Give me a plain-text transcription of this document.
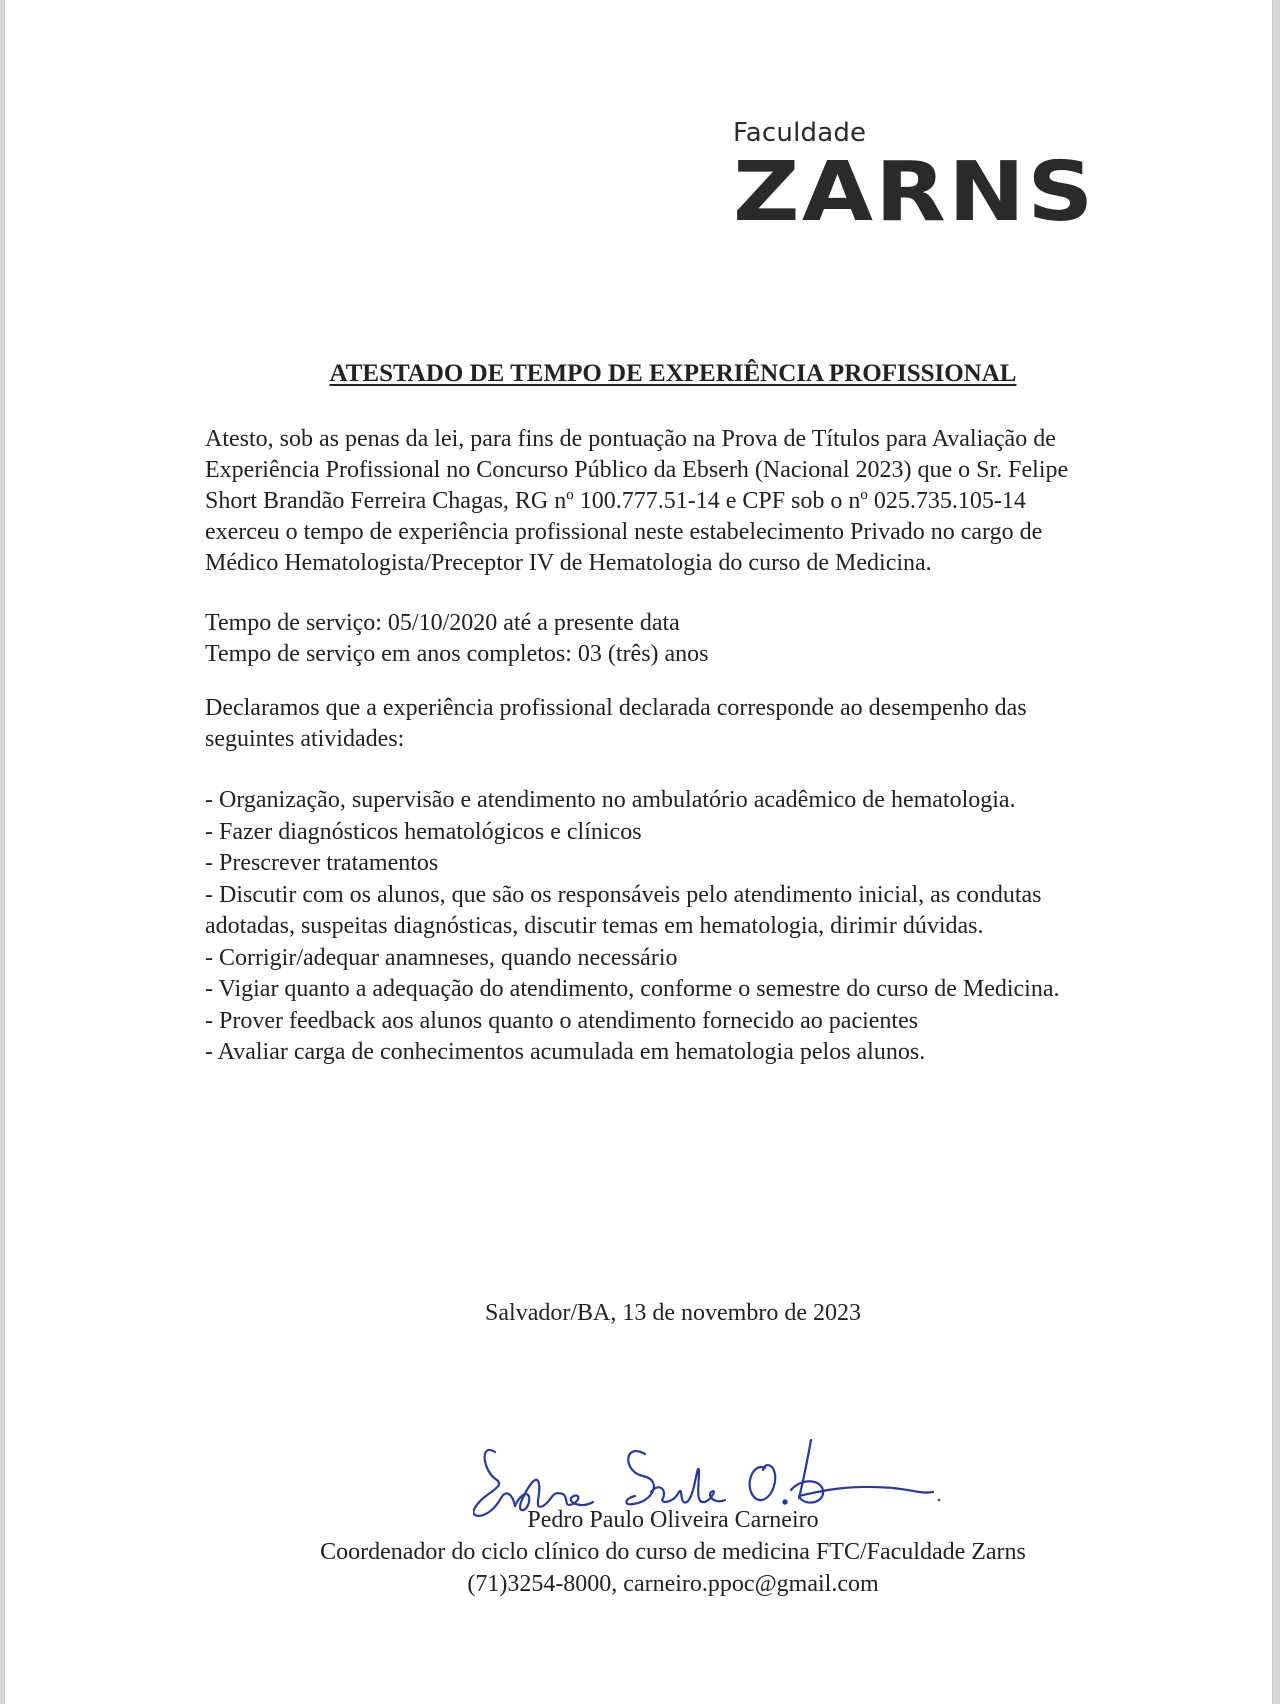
Faculdade
ZARNS
ATESTADO DE TEMPO DE EXPERIÊNCIA PROFISSIONAL
Atesto, sob as penas da lei, para fins de pontuação na Prova de Títulos para Avaliação de
Experiência Profissional no Concurso Público da Ebserh (Nacional 2023) que o Sr. Felipe
Short Brandão Ferreira Chagas, RG nº 100.777.51-14 e CPF sob o nº 025.735.105-14
exerceu o tempo de experiência profissional neste estabelecimento Privado no cargo de
Médico Hematologista/Preceptor IV de Hematologia do curso de Medicina.
Tempo de serviço: 05/10/2020 até a presente data
Tempo de serviço em anos completos: 03 (três) anos
Declaramos que a experiência profissional declarada corresponde ao desempenho das
seguintes atividades:
- Organização, supervisão e atendimento no ambulatório acadêmico de hematologia.
- Fazer diagnósticos hematológicos e clínicos
- Prescrever tratamentos
- Discutir com os alunos, que são os responsáveis pelo atendimento inicial, as condutas
adotadas, suspeitas diagnósticas, discutir temas em hematologia, dirimir dúvidas.
- Corrigir/adequar anamneses, quando necessário
- Vigiar quanto a adequação do atendimento, conforme o semestre do curso de Medicina.
- Prover feedback aos alunos quanto o atendimento fornecido ao pacientes
- Avaliar carga de conhecimentos acumulada em hematologia pelos alunos.
Salvador/BA, 13 de novembro de 2023
Pedro Paulo Oliveira Carneiro
Coordenador do ciclo clínico do curso de medicina FTC/Faculdade Zarns
(71)3254-8000, carneiro.ppoc@gmail.com
